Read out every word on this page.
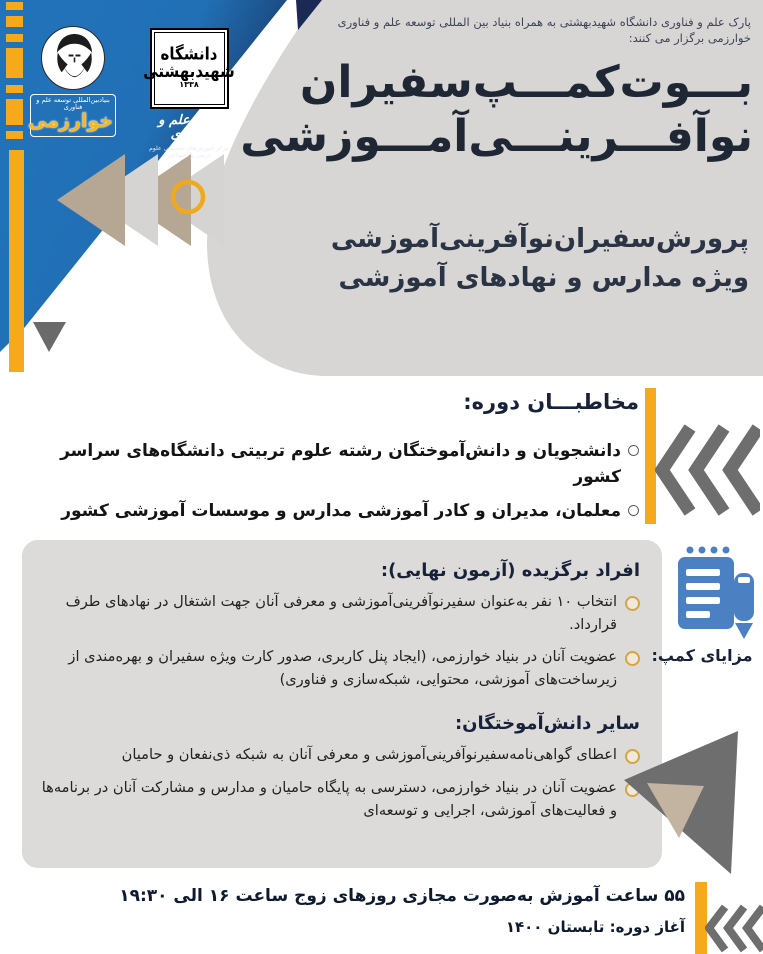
بنیادبین‌المللی توسعه علم و فناوری
خوارزمی
دانشگاه شهیدبهشتی
۱۳۳۸
پارک علم و فناوری
مرکز آموزش‌های تخصصی علوم تربیتی و اجتماعی
پارک علم و فناوری دانشگاه شهیدبهشتی به همراه بنیاد بین المللی توسعه علم و فناوری خوارزمی برگزار می کنند:
بـــوت‌کمـــپ‌سفیران
نوآفـــرینـــی‌آمـــوزشی
پرورش‌سفیران‌نوآفرینی‌آموزشی
ویژه مدارس و نهادهای آموزشی
مخاطبـــان دوره:
دانشجویان و دانش‌آموختگان رشته علوم تربیتی دانشگاه‌های سراسر کشور
معلمان، مدیران و کادر آموزشی مدارس و موسسات آموزشی کشور
افراد برگزیده (آزمون نهایی):
انتخاب ۱۰ نفر به‌عنوان سفیرنوآفرینی‌آموزشی و معرفی آنان جهت اشتغال در نهادهای طرف قرارداد.
عضویت آنان در بنیاد خوارزمی، (ایجاد پنل کاربری، صدور کارت ویژه سفیران و بهره‌مندی از زیرساخت‌های آموزشی، محتوایی، شبکه‌سازی و فناوری)
سایر دانش‌آموختگان:
اعطای گواهی‌نامه‌سفیرنوآفرینی‌آموزشی و معرفی آنان به شبکه ذی‌نفعان و حامیان
عضویت آنان در بنیاد خوارزمی، دسترسی به پایگاه حامیان و مدارس و مشارکت آنان در برنامه‌ها و فعالیت‌های آموزشی، اجرایی و توسعه‌ای
مزایای کمپ:
۵۵ ساعت آموزش به‌صورت مجازی روزهای زوج ساعت ۱۶ الی ۱۹:۳۰
آغاز دوره: تابستان ۱۴۰۰
